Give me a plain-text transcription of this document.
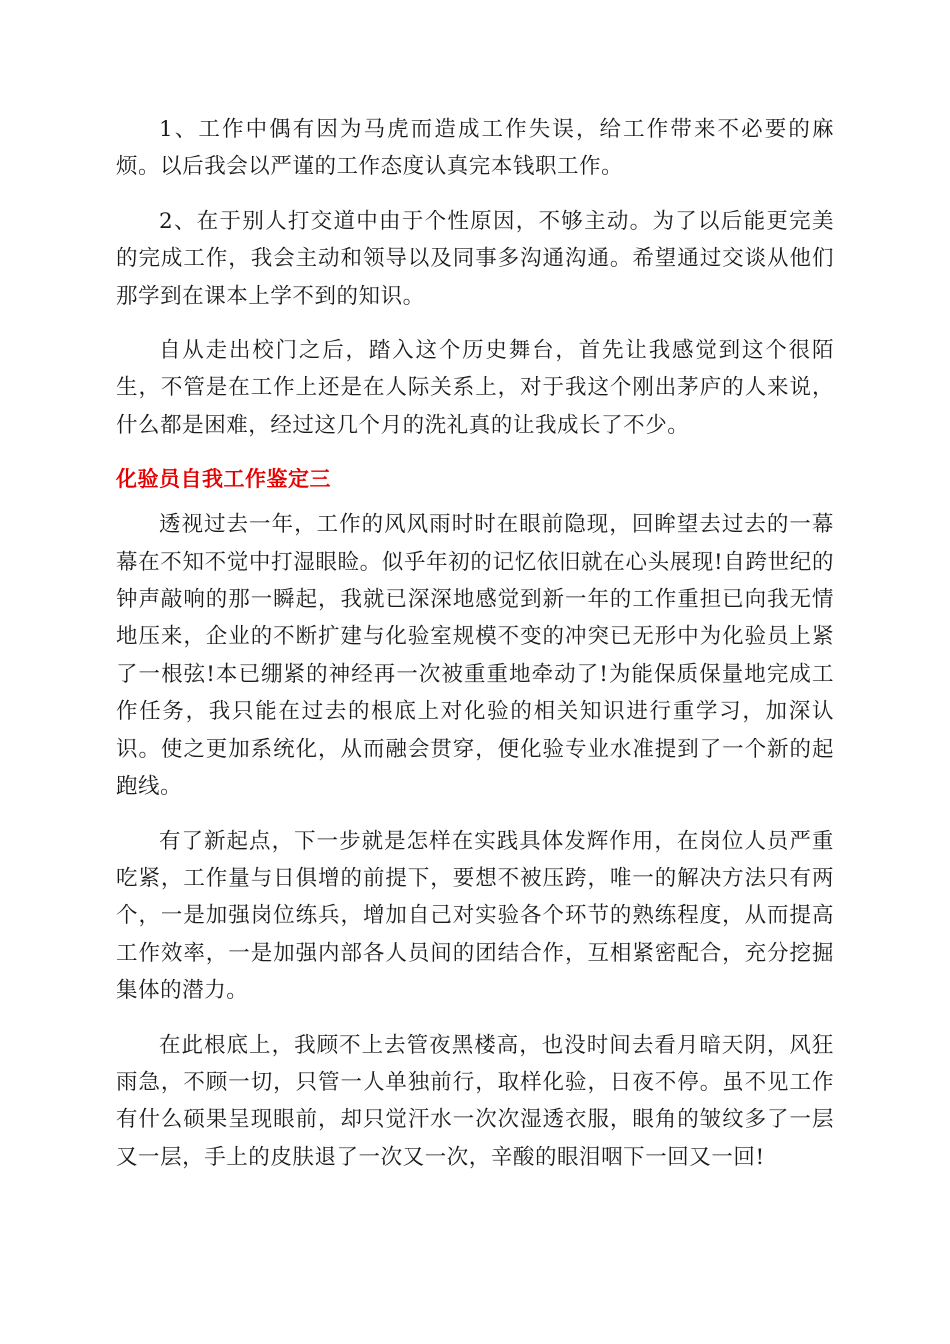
1、工作中偶有因为马虎而造成工作失误，给工作带来不必要的麻烦。以后我会以严谨的工作态度认真完本钱职工作。

2、在于别人打交道中由于个性原因，不够主动。为了以后能更完美的完成工作，我会主动和领导以及同事多沟通沟通。希望通过交谈从他们那学到在课本上学不到的知识。

自从走出校门之后，踏入这个历史舞台，首先让我感觉到这个很陌生，不管是在工作上还是在人际关系上，对于我这个刚出茅庐的人来说，什么都是困难，经过这几个月的洗礼真的让我成长了不少。

化验员自我工作鉴定三

透视过去一年，工作的风风雨时时在眼前隐现，回眸望去过去的一幕幕在不知不觉中打湿眼睑。似乎年初的记忆依旧就在心头展现!自跨世纪的钟声敲响的那一瞬起，我就已深深地感觉到新一年的工作重担已向我无情地压来，企业的不断扩建与化验室规模不变的冲突已无形中为化验员上紧了一根弦!本已绷紧的神经再一次被重重地牵动了!为能保质保量地完成工作任务，我只能在过去的根底上对化验的相关知识进行重学习，加深认识。使之更加系统化，从而融会贯穿，便化验专业水准提到了一个新的起跑线。

有了新起点，下一步就是怎样在实践具体发辉作用，在岗位人员严重吃紧，工作量与日俱增的前提下，要想不被压跨，唯一的解决方法只有两个，一是加强岗位练兵，增加自己对实验各个环节的熟练程度，从而提高工作效率，一是加强内部各人员间的团结合作，互相紧密配合，充分挖掘集体的潜力。

在此根底上，我顾不上去管夜黑楼高，也没时间去看月暗天阴，风狂雨急，不顾一切，只管一人单独前行，取样化验，日夜不停。虽不见工作有什么硕果呈现眼前，却只觉汗水一次次湿透衣服，眼角的皱纹多了一层又一层，手上的皮肤退了一次又一次，辛酸的眼泪咽下一回又一回!
